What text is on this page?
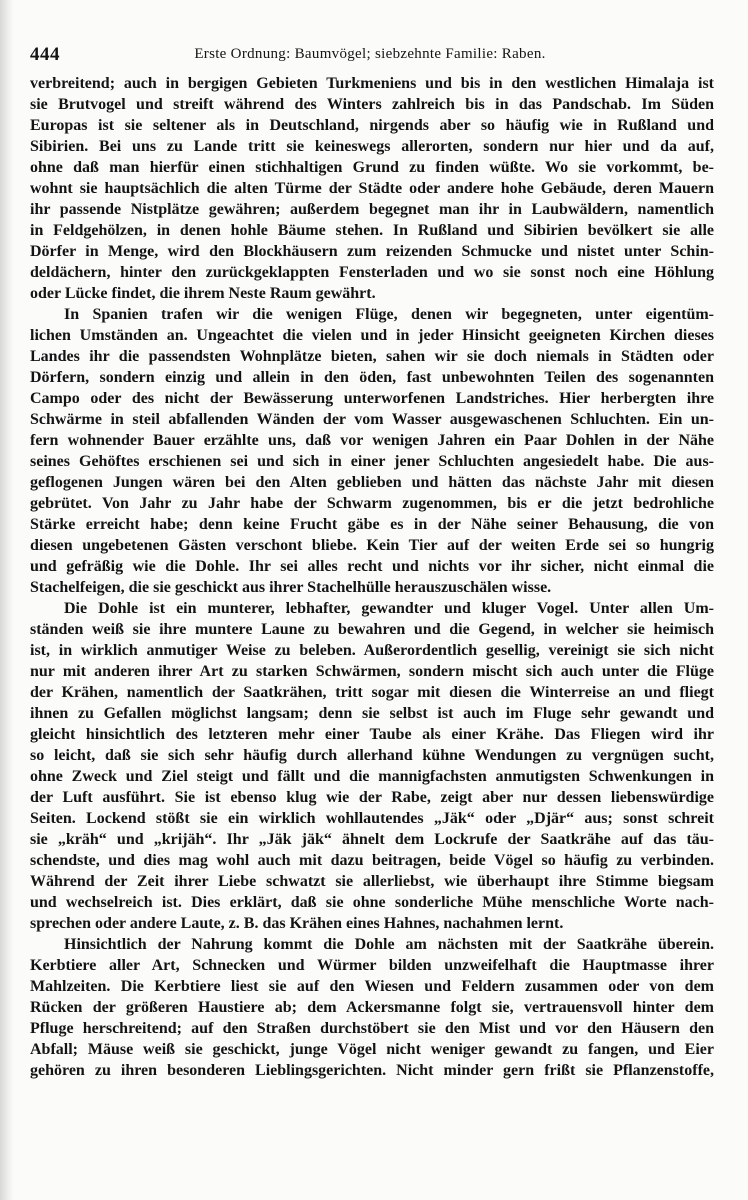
444	Erste Ordnung: Baumvögel; siebzehnte Familie: Raben.
verbreitend; auch in bergigen Gebieten Turkmeniens und bis in den westlichen Himalaja ist
sie Brutvogel und streift während des Winters zahlreich bis in das Pandschab. Im Süden
Europas ist sie seltener als in Deutschland, nirgends aber so häufig wie in Rußland und
Sibirien. Bei uns zu Lande tritt sie keineswegs allerorten, sondern nur hier und da auf,
ohne daß man hierfür einen stichhaltigen Grund zu finden wüßte. Wo sie vorkommt, be-
wohnt sie hauptsächlich die alten Türme der Städte oder andere hohe Gebäude, deren Mauern
ihr passende Nistplätze gewähren; außerdem begegnet man ihr in Laubwäldern, namentlich
in Feldgehölzen, in denen hohle Bäume stehen. In Rußland und Sibirien bevölkert sie alle
Dörfer in Menge, wird den Blockhäusern zum reizenden Schmucke und nistet unter Schin-
deldächern, hinter den zurückgeklappten Fensterladen und wo sie sonst noch eine Höhlung
oder Lücke findet, die ihrem Neste Raum gewährt.
In Spanien trafen wir die wenigen Flüge, denen wir begegneten, unter eigentüm-
lichen Umständen an. Ungeachtet die vielen und in jeder Hinsicht geeigneten Kirchen dieses
Landes ihr die passendsten Wohnplätze bieten, sahen wir sie doch niemals in Städten oder
Dörfern, sondern einzig und allein in den öden, fast unbewohnten Teilen des sogenannten
Campo oder des nicht der Bewässerung unterworfenen Landstriches. Hier herbergten ihre
Schwärme in steil abfallenden Wänden der vom Wasser ausgewaschenen Schluchten. Ein un-
fern wohnender Bauer erzählte uns, daß vor wenigen Jahren ein Paar Dohlen in der Nähe
seines Gehöftes erschienen sei und sich in einer jener Schluchten angesiedelt habe. Die aus-
geflogenen Jungen wären bei den Alten geblieben und hätten das nächste Jahr mit diesen
gebrütet. Von Jahr zu Jahr habe der Schwarm zugenommen, bis er die jetzt bedrohliche
Stärke erreicht habe; denn keine Frucht gäbe es in der Nähe seiner Behausung, die von
diesen ungebetenen Gästen verschont bliebe. Kein Tier auf der weiten Erde sei so hungrig
und gefräßig wie die Dohle. Ihr sei alles recht und nichts vor ihr sicher, nicht einmal die
Stachelfeigen, die sie geschickt aus ihrer Stachelhülle herauszuschälen wisse.
Die Dohle ist ein munterer, lebhafter, gewandter und kluger Vogel. Unter allen Um-
ständen weiß sie ihre muntere Laune zu bewahren und die Gegend, in welcher sie heimisch
ist, in wirklich anmutiger Weise zu beleben. Außerordentlich gesellig, vereinigt sie sich nicht
nur mit anderen ihrer Art zu starken Schwärmen, sondern mischt sich auch unter die Flüge
der Krähen, namentlich der Saatkrähen, tritt sogar mit diesen die Winterreise an und fliegt
ihnen zu Gefallen möglichst langsam; denn sie selbst ist auch im Fluge sehr gewandt und
gleicht hinsichtlich des letzteren mehr einer Taube als einer Krähe. Das Fliegen wird ihr
so leicht, daß sie sich sehr häufig durch allerhand kühne Wendungen zu vergnügen sucht,
ohne Zweck und Ziel steigt und fällt und die mannigfachsten anmutigsten Schwenkungen in
der Luft ausführt. Sie ist ebenso klug wie der Rabe, zeigt aber nur dessen liebenswürdige
Seiten. Lockend stößt sie ein wirklich wohllautendes „Jäk“ oder „Djär“ aus; sonst schreit
sie „kräh“ und „krijäh“. Ihr „Jäk jäk“ ähnelt dem Lockrufe der Saatkrähe auf das täu-
schendste, und dies mag wohl auch mit dazu beitragen, beide Vögel so häufig zu verbinden.
Während der Zeit ihrer Liebe schwatzt sie allerliebst, wie überhaupt ihre Stimme biegsam
und wechselreich ist. Dies erklärt, daß sie ohne sonderliche Mühe menschliche Worte nach-
sprechen oder andere Laute, z. B. das Krähen eines Hahnes, nachahmen lernt.
Hinsichtlich der Nahrung kommt die Dohle am nächsten mit der Saatkrähe überein.
Kerbtiere aller Art, Schnecken und Würmer bilden unzweifelhaft die Hauptmasse ihrer
Mahlzeiten. Die Kerbtiere liest sie auf den Wiesen und Feldern zusammen oder von dem
Rücken der größeren Haustiere ab; dem Ackersmanne folgt sie, vertrauensvoll hinter dem
Pfluge herschreitend; auf den Straßen durchstöbert sie den Mist und vor den Häusern den
Abfall; Mäuse weiß sie geschickt, junge Vögel nicht weniger gewandt zu fangen, und Eier
gehören zu ihren besonderen Lieblingsgerichten. Nicht minder gern frißt sie Pflanzenstoffe,
